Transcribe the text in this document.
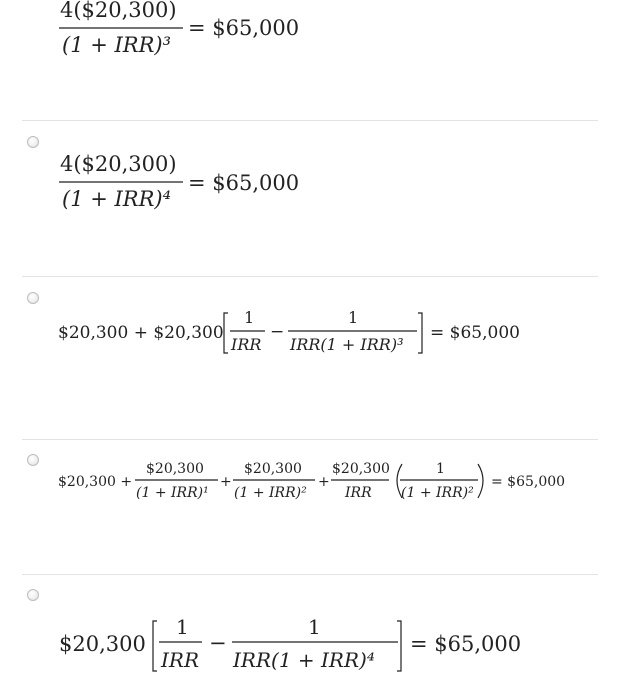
4($20,300)
(1 + IRR)³
= $65,000
4($20,300)
(1 + IRR)⁴
= $65,000
$20,300 + $20,300
1
IRR
−
1
IRR(1 + IRR)³
= $65,000
$20,300 +
$20,300
(1 + IRR)¹
+
$20,300
(1 + IRR)²
+
$20,300
IRR
1
(1 + IRR)²
= $65,000
$20,300
1
IRR
−
1
IRR(1 + IRR)⁴
= $65,000
